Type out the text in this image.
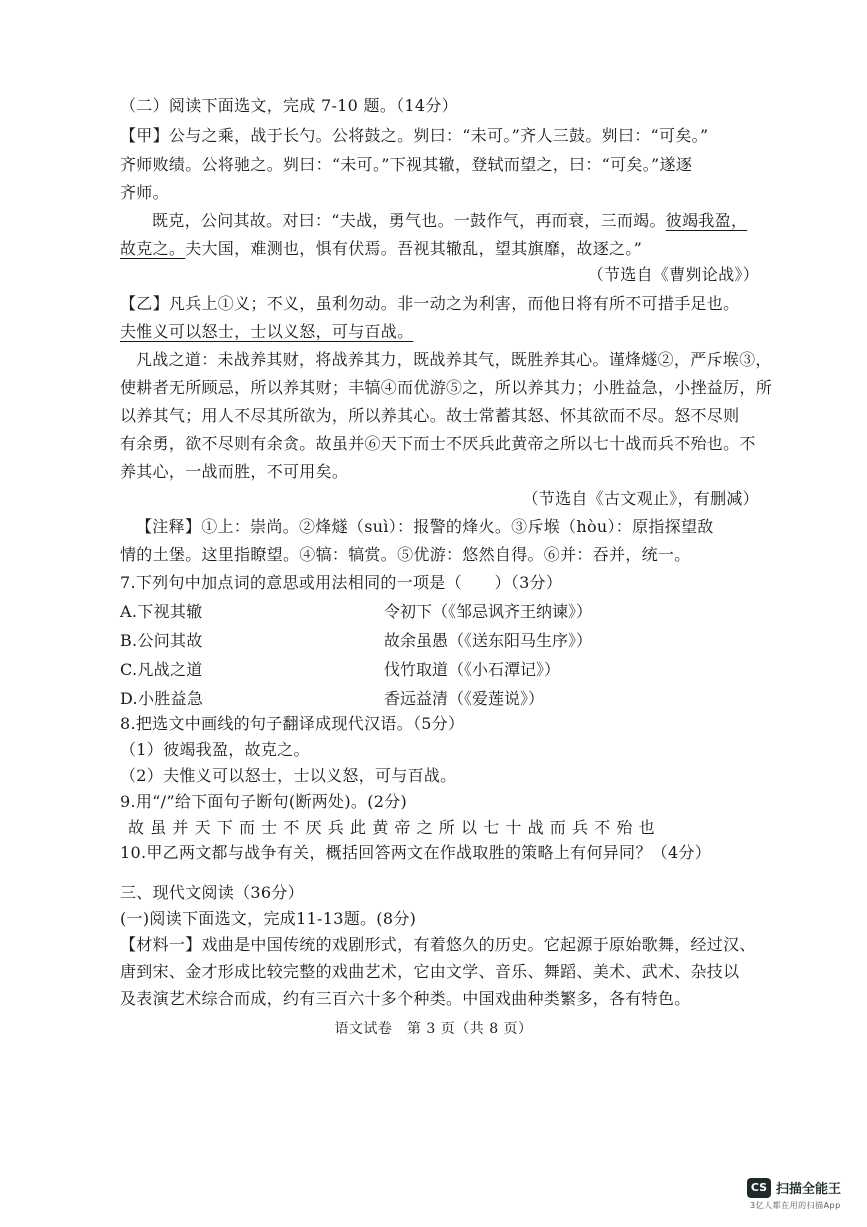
（二）阅读下面选文，完成 7-10 题。（14分）
【甲】公与之乘，战于长勺。公将鼓之。刿曰：“未可。”齐人三鼓。刿曰：“可矣。”
齐师败绩。公将驰之。刿曰：“未可。”下视其辙，登轼而望之，曰：“可矣。”遂逐
齐师。
既克，公问其故。对曰：“夫战，勇气也。一鼓作气，再而衰，三而竭。彼竭我盈，
故克之。夫大国，难测也，惧有伏焉。吾视其辙乱，望其旗靡，故逐之。”
（节选自《曹刿论战》）
【乙】凡兵上①义；不义，虽利勿动。非一动之为利害，而他日将有所不可措手足也。
夫惟义可以怒士，士以义怒，可与百战。
凡战之道：未战养其财，将战养其力，既战养其气，既胜养其心。谨烽燧②，严斥堠③，
使耕者无所顾忌，所以养其财；丰犒④而优游⑤之，所以养其力；小胜益急，小挫益厉，所
以养其气；用人不尽其所欲为，所以养其心。故士常蓄其怒、怀其欲而不尽。怒不尽则
有余勇，欲不尽则有余贪。故虽并⑥天下而士不厌兵此黄帝之所以七十战而兵不殆也。不
养其心，一战而胜，不可用矣。
（节选自《古文观止》，有删减）
【注释】①上：崇尚。②烽燧（suì）：报警的烽火。③斥堠（hòu）：原指探望敌
情的土堡。这里指瞭望。④犒：犒赏。⑤优游：悠然自得。⑥并：吞并，统一。
7.下列句中加点词的意思或用法相同的一项是（　　）（3分）
A.下视其辙	令初下（《邹忌讽齐王纳谏》）
B.公问其故	故余虽愚（《送东阳马生序》）
C.凡战之道	伐竹取道（《小石潭记》）
D.小胜益急	香远益清（《爱莲说》）
8.把选文中画线的句子翻译成现代汉语。（5分）
（1）彼竭我盈，故克之。
（2）夫惟义可以怒士，士以义怒，可与百战。
9.用“/”给下面句子断句(断两处)。(2分)
故虽并天下而士不厌兵此黄帝之所以七十战而兵不殆也
10.甲乙两文都与战争有关，概括回答两文在作战取胜的策略上有何异同？（4分）
三、现代文阅读（36分）
(一)阅读下面选文，完成11-13题。(8分)
【材料一】戏曲是中国传统的戏剧形式，有着悠久的历史。它起源于原始歌舞，经过汉、
唐到宋、金才形成比较完整的戏曲艺术，它由文学、音乐、舞蹈、美术、武术、杂技以
及表演艺术综合而成，约有三百六十多个种类。中国戏曲种类繁多，各有特色。
语文试卷　第 3 页（共 8 页）
CS 扫描全能王
3亿人都在用的扫描App
